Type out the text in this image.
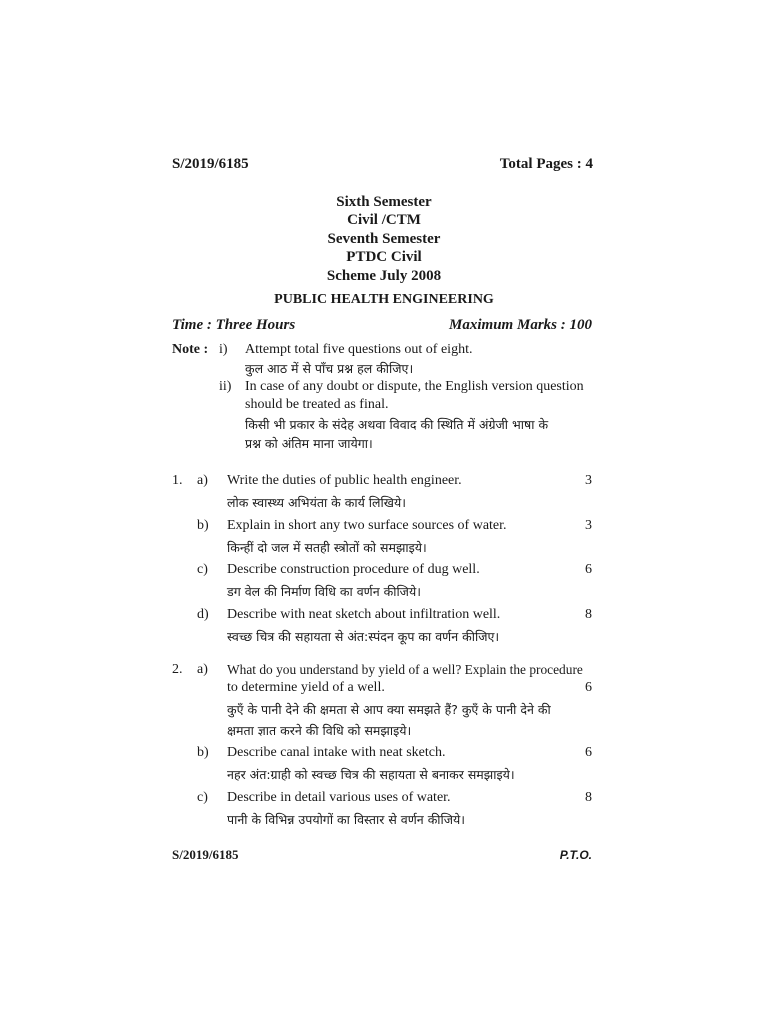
S/2019/6185	Total Pages : 4
Sixth Semester
Civil /CTM
Seventh Semester
PTDC Civil
Scheme July 2008
PUBLIC HEALTH ENGINEERING
Time : Three Hours	Maximum Marks : 100
Note : i) Attempt total five questions out of eight.
कुल आठ में से पाँच प्रश्न हल कीजिए।
ii) In case of any doubt or dispute, the English version question
should be treated as final.
किसी भी प्रकार के संदेह अथवा विवाद की स्थिति में अंग्रेजी भाषा के
प्रश्न को अंतिम माना जायेगा।
1. a) Write the duties of public health engineer.	3
लोक स्वास्थ्य अभियंता के कार्य लिखिये।
b) Explain in short any two surface sources of water.	3
किन्हीं दो जल में सतही स्त्रोतों को समझाइये।
c) Describe construction procedure of dug well.	6
डग वेल की निर्माण विधि का वर्णन कीजिये।
d) Describe with neat sketch about infiltration well.	8
स्वच्छ चित्र की सहायता से अंत:स्पंदन कूप का वर्णन कीजिए।
2. a) What do you understand by yield of a well? Explain the procedure
to determine yield of a well.	6
कुएँ के पानी देने की क्षमता से आप क्या समझते हैं? कुएँ के पानी देने की
क्षमता ज्ञात करने की विधि को समझाइये।
b) Describe canal intake with neat sketch.	6
नहर अंत:ग्राही को स्वच्छ चित्र की सहायता से बनाकर समझाइये।
c) Describe in detail various uses of water.	8
पानी के विभिन्न उपयोगों का विस्तार से वर्णन कीजिये।
S/2019/6185	P.T.O.
